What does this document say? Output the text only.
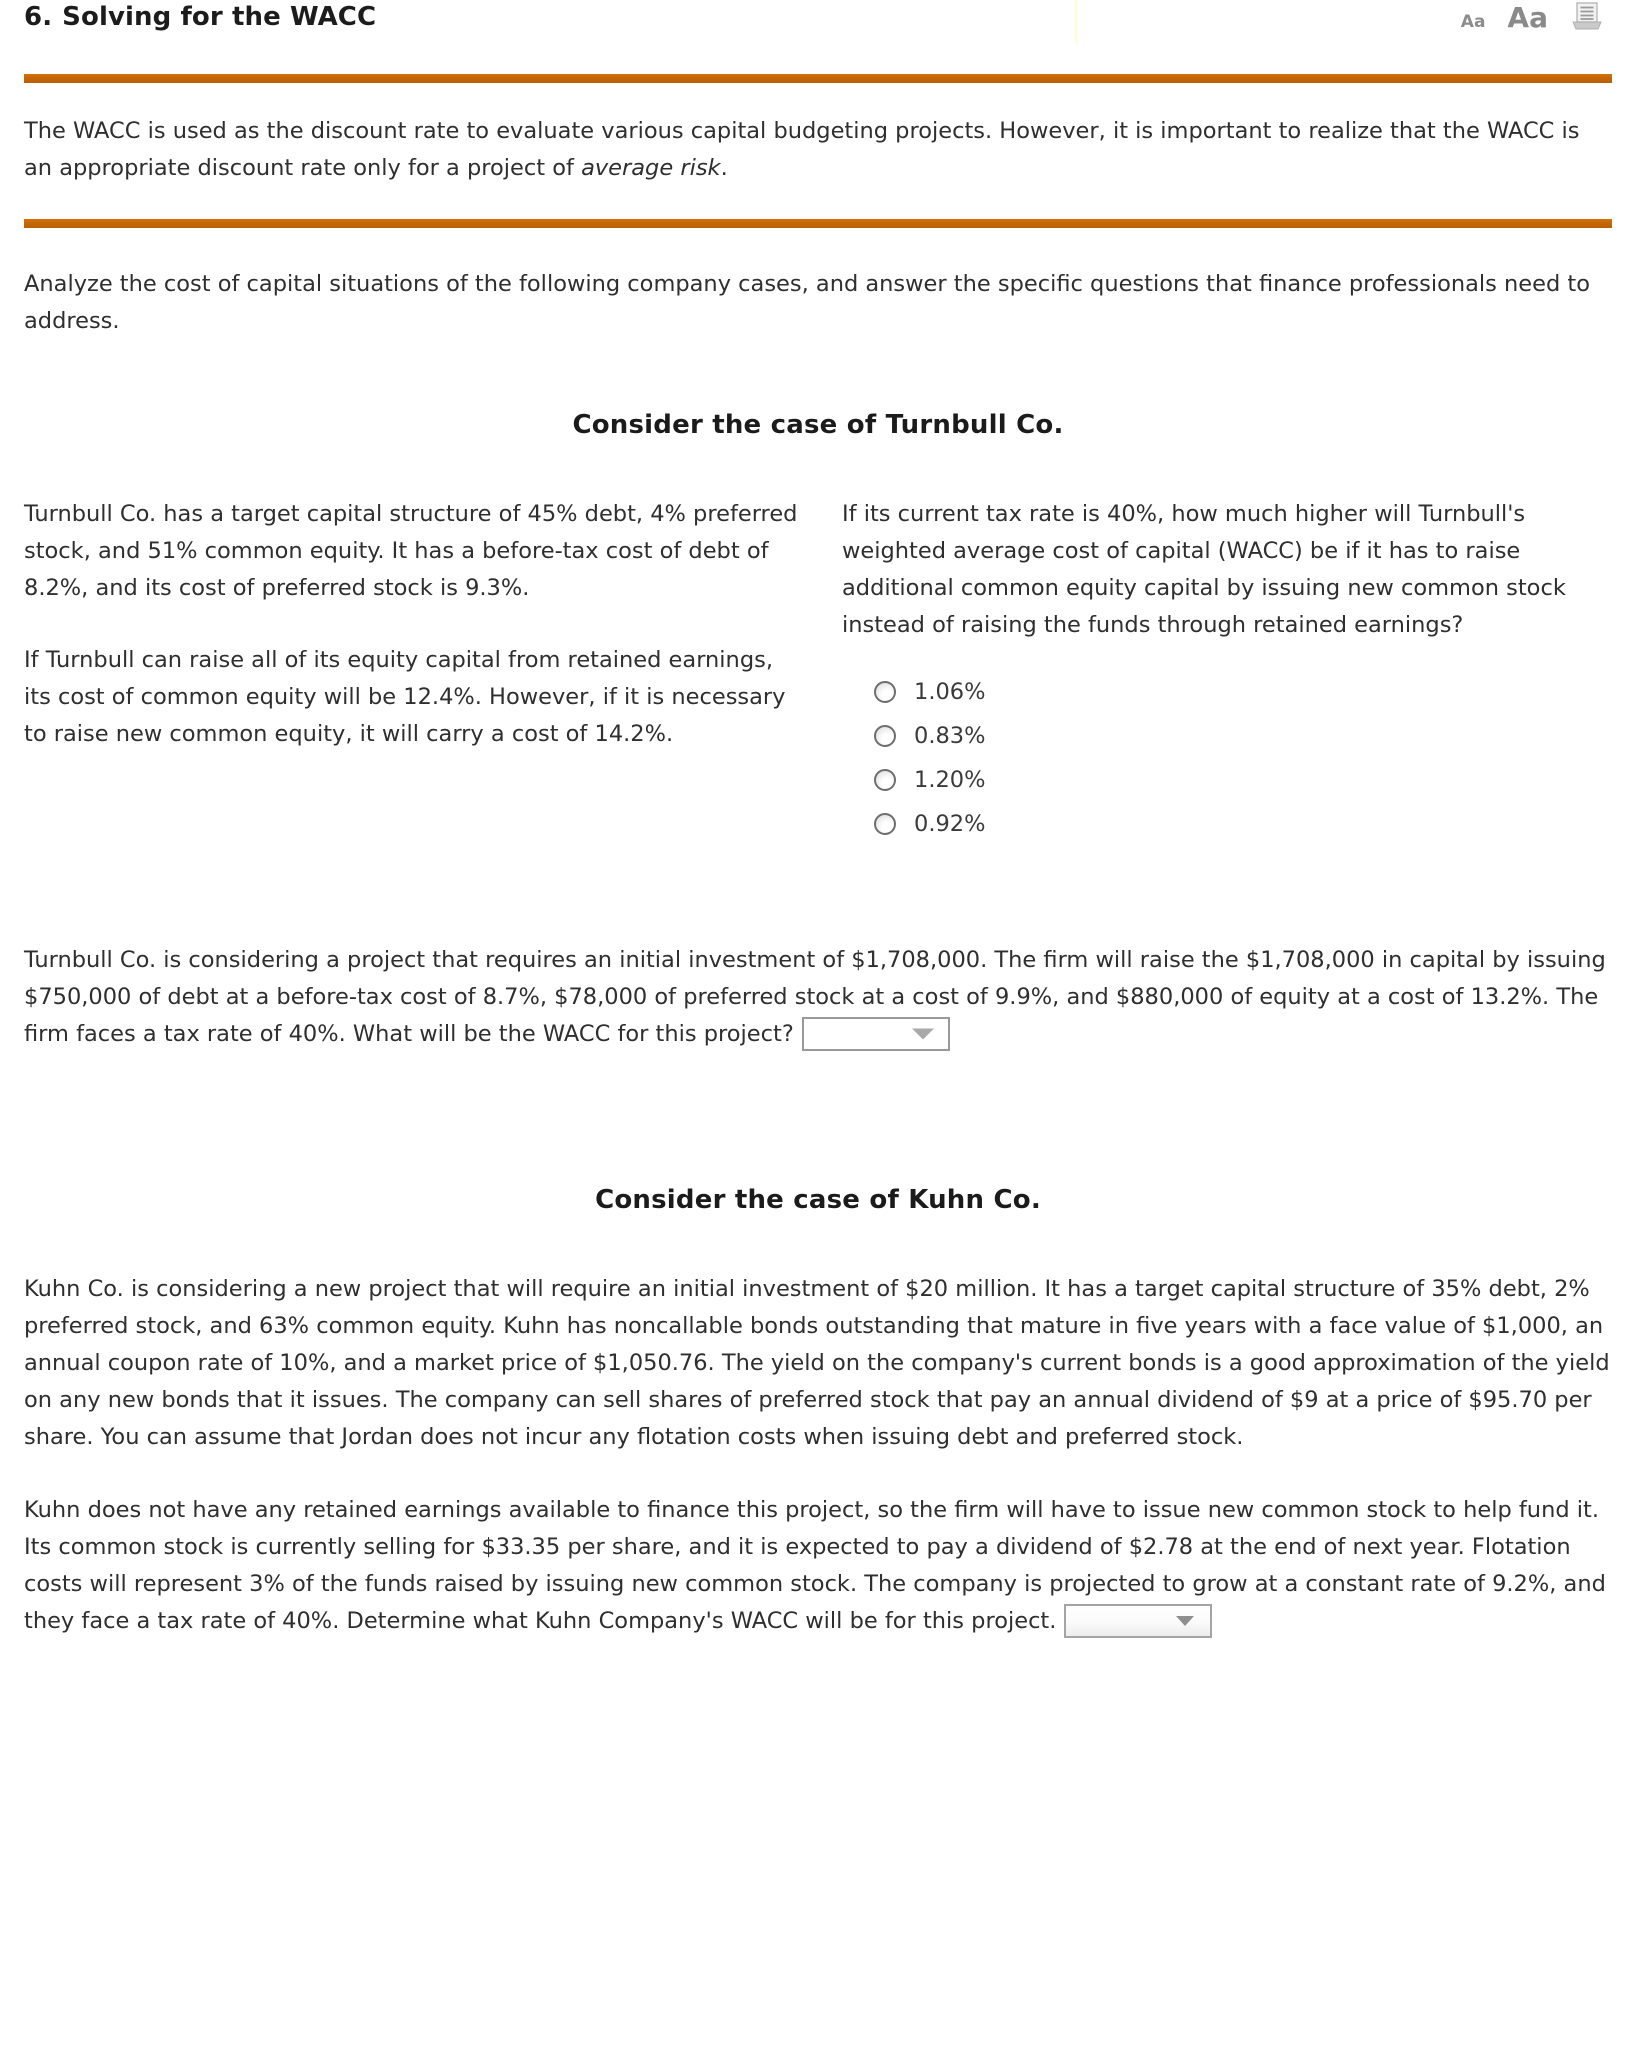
6. Solving for the WACC	Aa Aa

The WACC is used as the discount rate to evaluate various capital budgeting projects. However, it is important to realize that the WACC is an appropriate discount rate only for a project of average risk.

Analyze the cost of capital situations of the following company cases, and answer the specific questions that finance professionals need to address.

Consider the case of Turnbull Co.

Turnbull Co. has a target capital structure of 45% debt, 4% preferred stock, and 51% common equity. It has a before-tax cost of debt of 8.2%, and its cost of preferred stock is 9.3%.

If Turnbull can raise all of its equity capital from retained earnings, its cost of common equity will be 12.4%. However, if it is necessary to raise new common equity, it will carry a cost of 14.2%.

If its current tax rate is 40%, how much higher will Turnbull's weighted average cost of capital (WACC) be if it has to raise additional common equity capital by issuing new common stock instead of raising the funds through retained earnings?

1.06%
0.83%
1.20%
0.92%

Turnbull Co. is considering a project that requires an initial investment of $1,708,000. The firm will raise the $1,708,000 in capital by issuing $750,000 of debt at a before-tax cost of 8.7%, $78,000 of preferred stock at a cost of 9.9%, and $880,000 of equity at a cost of 13.2%. The firm faces a tax rate of 40%. What will be the WACC for this project?

Consider the case of Kuhn Co.

Kuhn Co. is considering a new project that will require an initial investment of $20 million. It has a target capital structure of 35% debt, 2% preferred stock, and 63% common equity. Kuhn has noncallable bonds outstanding that mature in five years with a face value of $1,000, an annual coupon rate of 10%, and a market price of $1,050.76. The yield on the company's current bonds is a good approximation of the yield on any new bonds that it issues. The company can sell shares of preferred stock that pay an annual dividend of $9 at a price of $95.70 per share. You can assume that Jordan does not incur any flotation costs when issuing debt and preferred stock.

Kuhn does not have any retained earnings available to finance this project, so the firm will have to issue new common stock to help fund it. Its common stock is currently selling for $33.35 per share, and it is expected to pay a dividend of $2.78 at the end of next year. Flotation costs will represent 3% of the funds raised by issuing new common stock. The company is projected to grow at a constant rate of 9.2%, and they face a tax rate of 40%. Determine what Kuhn Company's WACC will be for this project.
